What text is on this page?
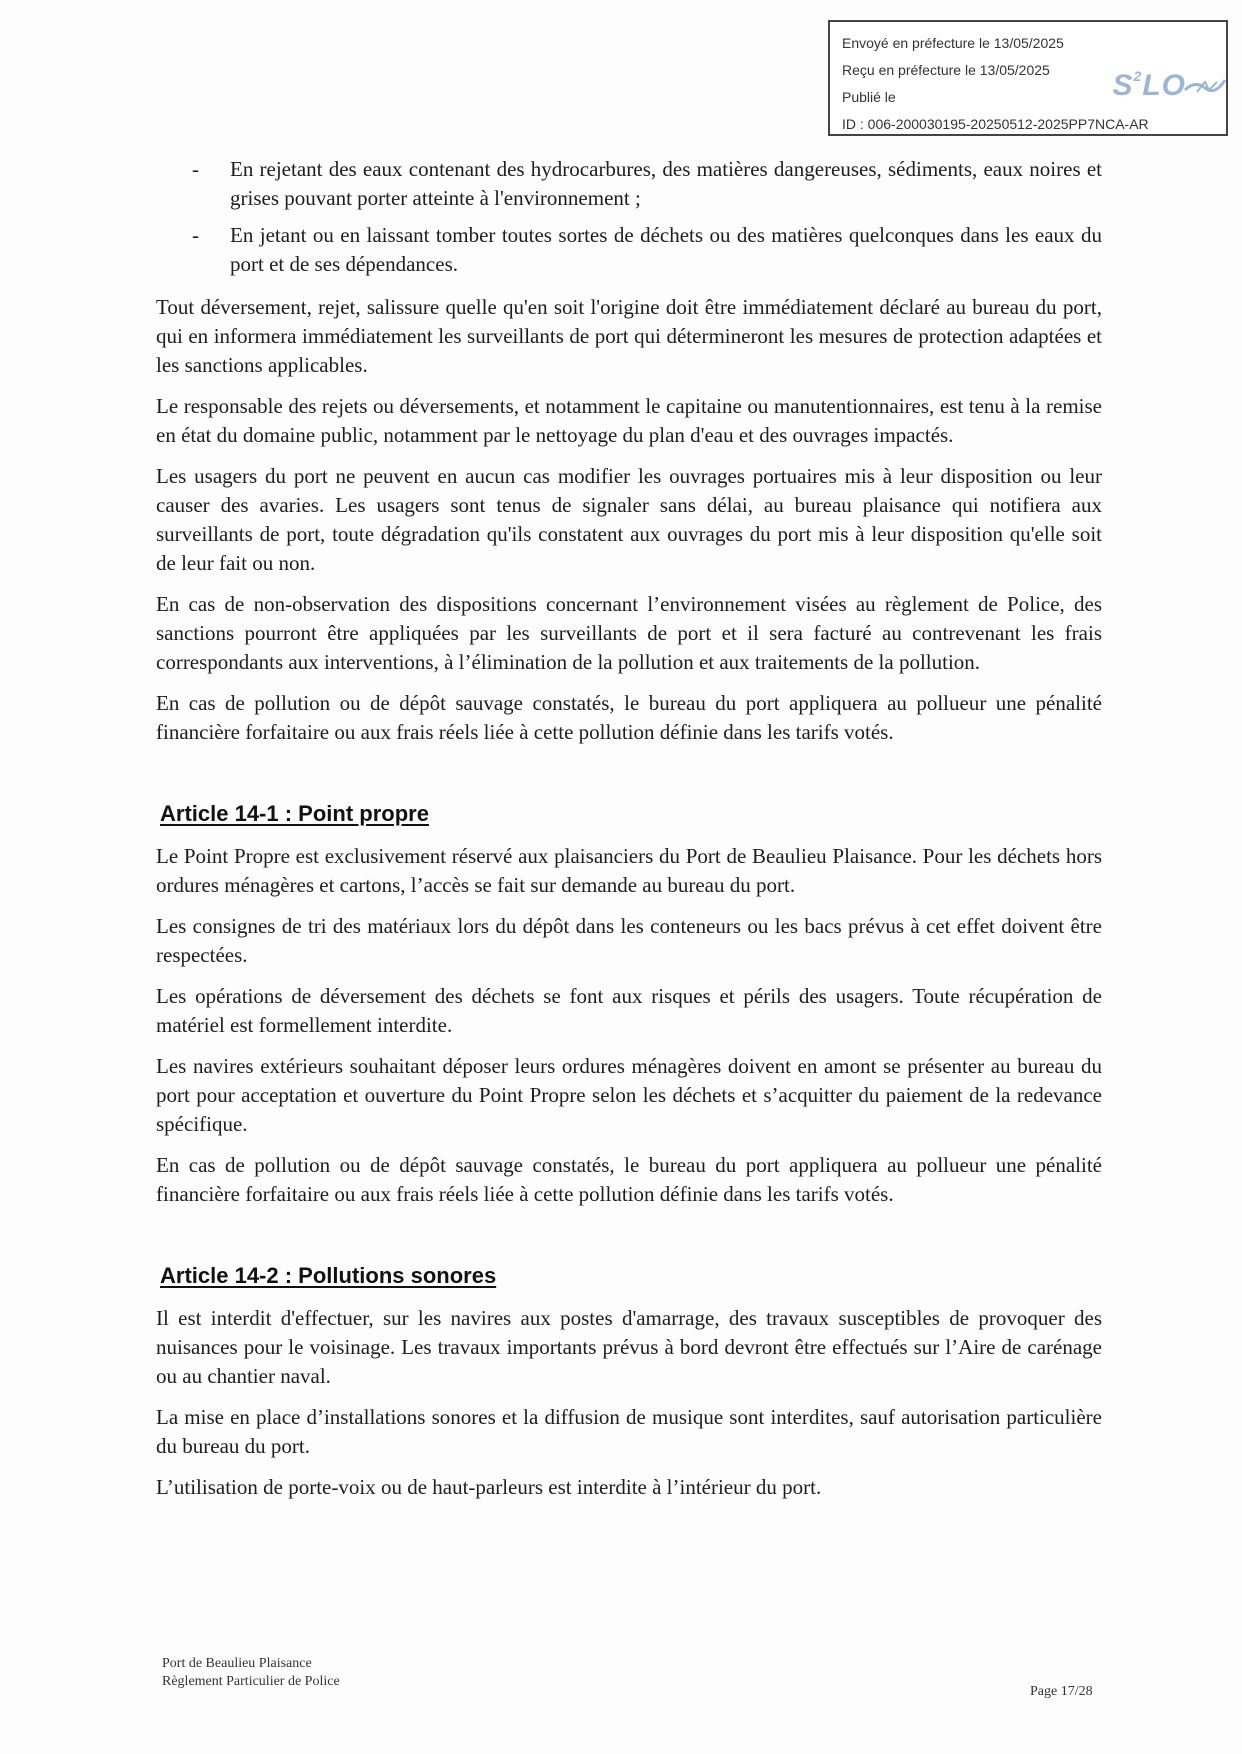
Envoyé en préfecture le 13/05/2025
Reçu en préfecture le 13/05/2025
Publié le
ID : 006-200030195-20250512-2025PP7NCA-AR
$S^2LO$
- En rejetant des eaux contenant des hydrocarbures, des matières dangereuses, sédiments, eaux noires et grises pouvant porter atteinte à l'environnement ;
- En jetant ou en laissant tomber toutes sortes de déchets ou des matières quelconques dans les eaux du port et de ses dépendances.

Tout déversement, rejet, salissure quelle qu'en soit l'origine doit être immédiatement déclaré au bureau du port, qui en informera immédiatement les surveillants de port qui détermineront les mesures de protection adaptées et les sanctions applicables.

Le responsable des rejets ou déversements, et notamment le capitaine ou manutentionnaires, est tenu à la remise en état du domaine public, notamment par le nettoyage du plan d'eau et des ouvrages impactés.

Les usagers du port ne peuvent en aucun cas modifier les ouvrages portuaires mis à leur disposition ou leur causer des avaries. Les usagers sont tenus de signaler sans délai, au bureau plaisance qui notifiera aux surveillants de port, toute dégradation qu'ils constatent aux ouvrages du port mis à leur disposition qu'elle soit de leur fait ou non.

En cas de non-observation des dispositions concernant l’environnement visées au règlement de Police, des sanctions pourront être appliquées par les surveillants de port et il sera facturé au contrevenant les frais correspondants aux interventions, à l’élimination de la pollution et aux traitements de la pollution.

En cas de pollution ou de dépôt sauvage constatés, le bureau du port appliquera au pollueur une pénalité financière forfaitaire ou aux frais réels liée à cette pollution définie dans les tarifs votés.

Article 14-1 : Point propre

Le Point Propre est exclusivement réservé aux plaisanciers du Port de Beaulieu Plaisance. Pour les déchets hors ordures ménagères et cartons, l’accès se fait sur demande au bureau du port.

Les consignes de tri des matériaux lors du dépôt dans les conteneurs ou les bacs prévus à cet effet doivent être respectées.

Les opérations de déversement des déchets se font aux risques et périls des usagers. Toute récupération de matériel est formellement interdite.

Les navires extérieurs souhaitant déposer leurs ordures ménagères doivent en amont se présenter au bureau du port pour acceptation et ouverture du Point Propre selon les déchets et s’acquitter du paiement de la redevance spécifique.

En cas de pollution ou de dépôt sauvage constatés, le bureau du port appliquera au pollueur une pénalité financière forfaitaire ou aux frais réels liée à cette pollution définie dans les tarifs votés.

Article 14-2 : Pollutions sonores

Il est interdit d'effectuer, sur les navires aux postes d'amarrage, des travaux susceptibles de provoquer des nuisances pour le voisinage. Les travaux importants prévus à bord devront être effectués sur l’Aire de carénage ou au chantier naval.

La mise en place d’installations sonores et la diffusion de musique sont interdites, sauf autorisation particulière du bureau du port.

L’utilisation de porte-voix ou de haut-parleurs est interdite à l’intérieur du port.

Port de Beaulieu Plaisance
Règlement Particulier de Police
Page 17/28
